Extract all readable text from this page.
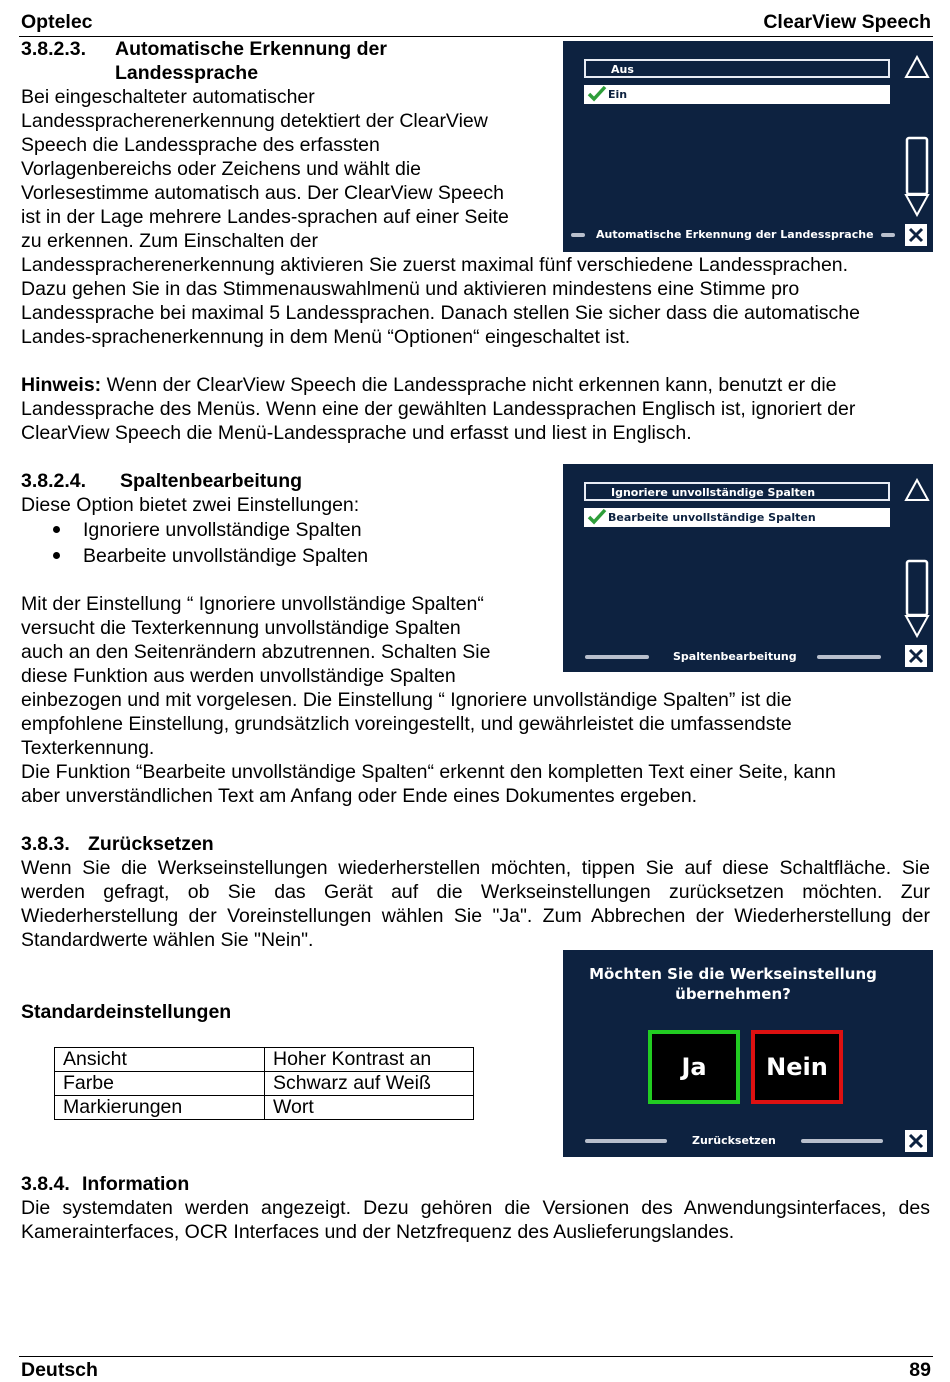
Optelec	ClearView Speech
3.8.2.3. Automatische Erkennung der
Landessprache
Bei eingeschalteter automatischer
Landesspracherenerkennung detektiert der ClearView
Speech die Landessprache des erfassten
Vorlagenbereichs oder Zeichens und wählt die
Vorlesestimme automatisch aus. Der ClearView Speech
ist in der Lage mehrere Landes-sprachen auf einer Seite
zu erkennen. Zum Einschalten der
Landesspracherenerkennung aktivieren Sie zuerst maximal fünf verschiedene Landessprachen.
Dazu gehen Sie in das Stimmenauswahlmenü und aktivieren mindestens eine Stimme pro
Landessprache bei maximal 5 Landessprachen. Danach stellen Sie sicher dass die automatische
Landes-sprachenerkennung in dem Menü “Optionen“ eingeschaltet ist.
Hinweis: Wenn der ClearView Speech die Landessprache nicht erkennen kann, benutzt er die
Landessprache des Menüs. Wenn eine der gewählten Landessprachen Englisch ist, ignoriert der
ClearView Speech die Menü-Landessprache und erfasst und liest in Englisch.
Aus
Ein
Automatische Erkennung der Landessprache
3.8.2.4. Spaltenbearbeitung
Diese Option bietet zwei Einstellungen:
Ignoriere unvollständige Spalten
Bearbeite unvollständige Spalten
Mit der Einstellung “ Ignoriere unvollständige Spalten“
versucht die Texterkennung unvollständige Spalten
auch an den Seitenrändern abzutrennen. Schalten Sie
diese Funktion aus werden unvollständige Spalten
einbezogen und mit vorgelesen. Die Einstellung “ Ignoriere unvollständige Spalten” ist die
empfohlene Einstellung, grundsätzlich voreingestellt, und gewährleistet die umfassendste
Texterkennung.
Die Funktion “Bearbeite unvollständige Spalten“ erkennt den kompletten Text einer Seite, kann
aber unverständlichen Text am Anfang oder Ende eines Dokumentes ergeben.
Ignoriere unvollständige Spalten
Bearbeite unvollständige Spalten
Spaltenbearbeitung
3.8.3. Zurücksetzen
Wenn Sie die Werkseinstellungen wiederherstellen möchten, tippen Sie auf diese Schaltfläche. Sie
werden gefragt, ob Sie das Gerät auf die Werkseinstellungen zurücksetzen möchten. Zur
Wiederherstellung der Voreinstellungen wählen Sie "Ja". Zum Abbrechen der Wiederherstellung der
Standardwerte wählen Sie "Nein".
Standardeinstellungen
Ansicht	Hoher Kontrast an
Farbe	Schwarz auf Weiß
Markierungen	Wort
Möchten Sie die Werkseinstellung
übernehmen?
Ja	Nein
Zurücksetzen
3.8.4. Information
Die systemdaten werden angezeigt. Dezu gehören die Versionen des Anwendungsinterfaces, des
Kamerainterfaces, OCR Interfaces und der Netzfrequenz des Auslieferungslandes.
Deutsch	89
